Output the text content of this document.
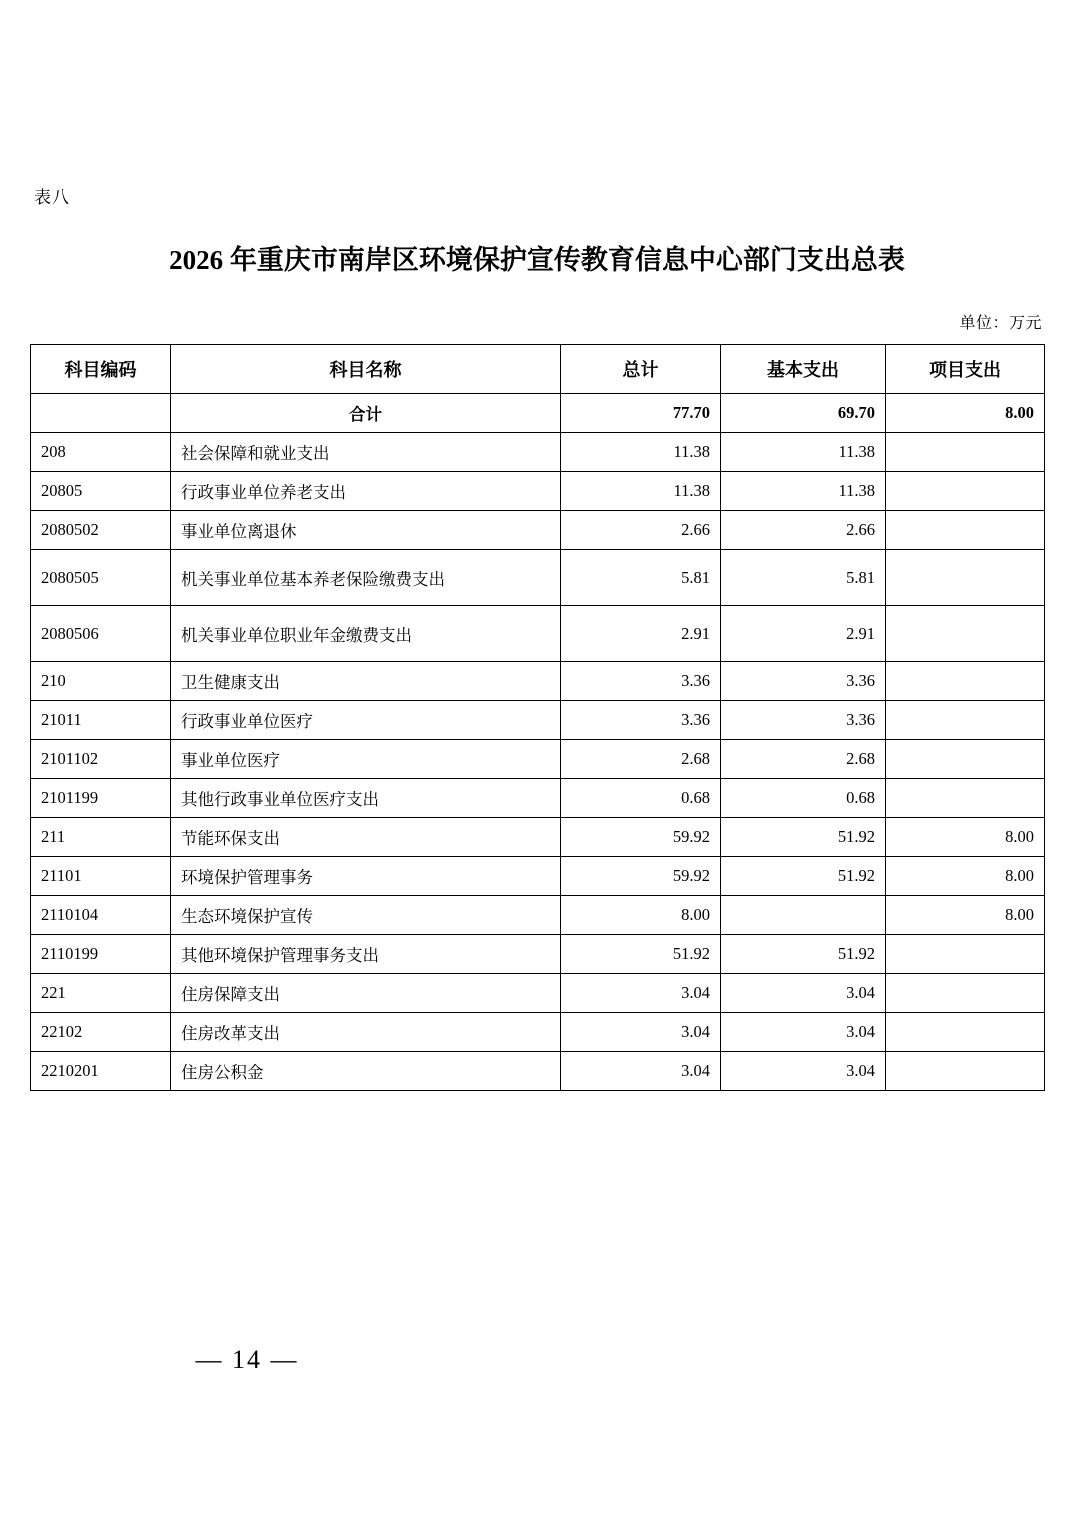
表八
2026 年重庆市南岸区环境保护宣传教育信息中心部门支出总表
单位：万元
科目编码	科目名称	总计	基本支出	项目支出
	合计	77.70	69.70	8.00
208	社会保障和就业支出	11.38	11.38	
20805	行政事业单位养老支出	11.38	11.38	
2080502	事业单位离退休	2.66	2.66	
2080505	机关事业单位基本养老保险缴费支出	5.81	5.81	
2080506	机关事业单位职业年金缴费支出	2.91	2.91	
210	卫生健康支出	3.36	3.36	
21011	行政事业单位医疗	3.36	3.36	
2101102	事业单位医疗	2.68	2.68	
2101199	其他行政事业单位医疗支出	0.68	0.68	
211	节能环保支出	59.92	51.92	8.00
21101	环境保护管理事务	59.92	51.92	8.00
2110104	生态环境保护宣传	8.00		8.00
2110199	其他环境保护管理事务支出	51.92	51.92	
221	住房保障支出	3.04	3.04	
22102	住房改革支出	3.04	3.04	
2210201	住房公积金	3.04	3.04	
— 14 —
